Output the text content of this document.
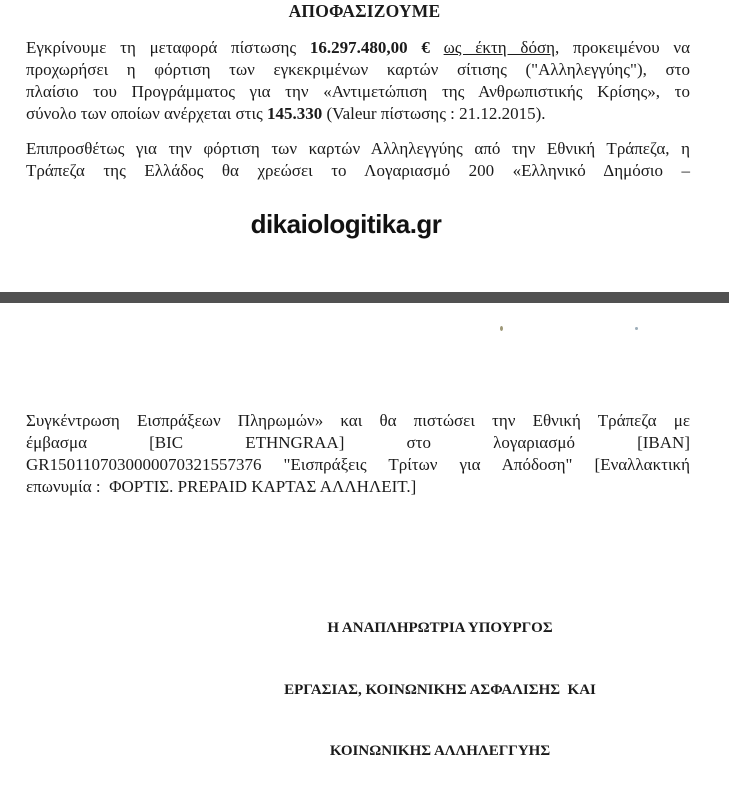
ΑΠΟΦΑΣΙΖΟΥΜΕ
Εγκρίνουμε τη μεταφορά πίστωσης 16.297.480,00 € ως έκτη δόση, προκειμένου να
προχωρήσει η φόρτιση των εγκεκριμένων καρτών σίτισης ("Αλληλεγγύης"), στο
πλαίσιο του Προγράμματος για την «Αντιμετώπιση της Ανθρωπιστικής Κρίσης», το
σύνολο των οποίων ανέρχεται στις 145.330 (Valeur πίστωσης : 21.12.2015).
Επιπροσθέτως για την φόρτιση των καρτών Αλληλεγγύης από την Εθνική Τράπεζα, η
Τράπεζα της Ελλάδος θα χρεώσει το Λογαριασμό 200 «Ελληνικό Δημόσιο –
dikaiologitika.gr
Συγκέντρωση Εισπράξεων Πληρωμών» και θα πιστώσει την Εθνική Τράπεζα με
έμβασμα [BIC ETHNGRAA] στο λογαριασμό [IBAN]
GR1501107030000070321557376 "Εισπράξεις Τρίτων για Απόδοση" [Εναλλακτική
επωνυμία :  ΦΟΡΤΙΣ. PREPAID ΚΑΡΤΑΣ ΑΛΛΗΛΕΙΤ.]

Η ΑΝΑΠΛΗΡΩΤΡΙΑ ΥΠΟΥΡΓΟΣ

ΕΡΓΑΣΙΑΣ, ΚΟΙΝΩΝΙΚΗΣ ΑΣΦΑΛΙΣΗΣ  ΚΑΙ

ΚΟΙΝΩΝΙΚΗΣ ΑΛΛΗΛΕΓΓΥΗΣ
